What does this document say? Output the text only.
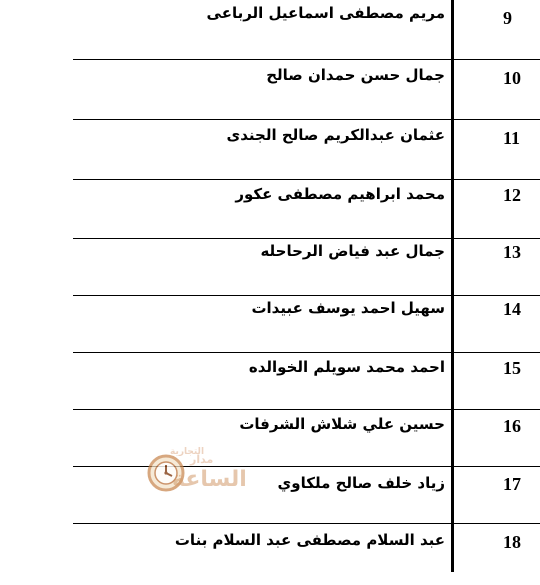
مريم مصطفى اسماعيل الرباعى	9
جمال حسن حمدان صالح	10
عثمان عبدالكريم صالح الجندى	11
محمد ابراهيم مصطفى عكور	12
جمال عبد فياض الرحاحله	13
سهيل احمد يوسف عبيدات	14
احمد محمد سويلم الخوالده	15
حسين علي شلاش الشرفات	16
زياد خلف صالح ملكاوي	17
عبد السلام مصطفى عبد السلام بنات	18
مدار
التجارية
الساعة
